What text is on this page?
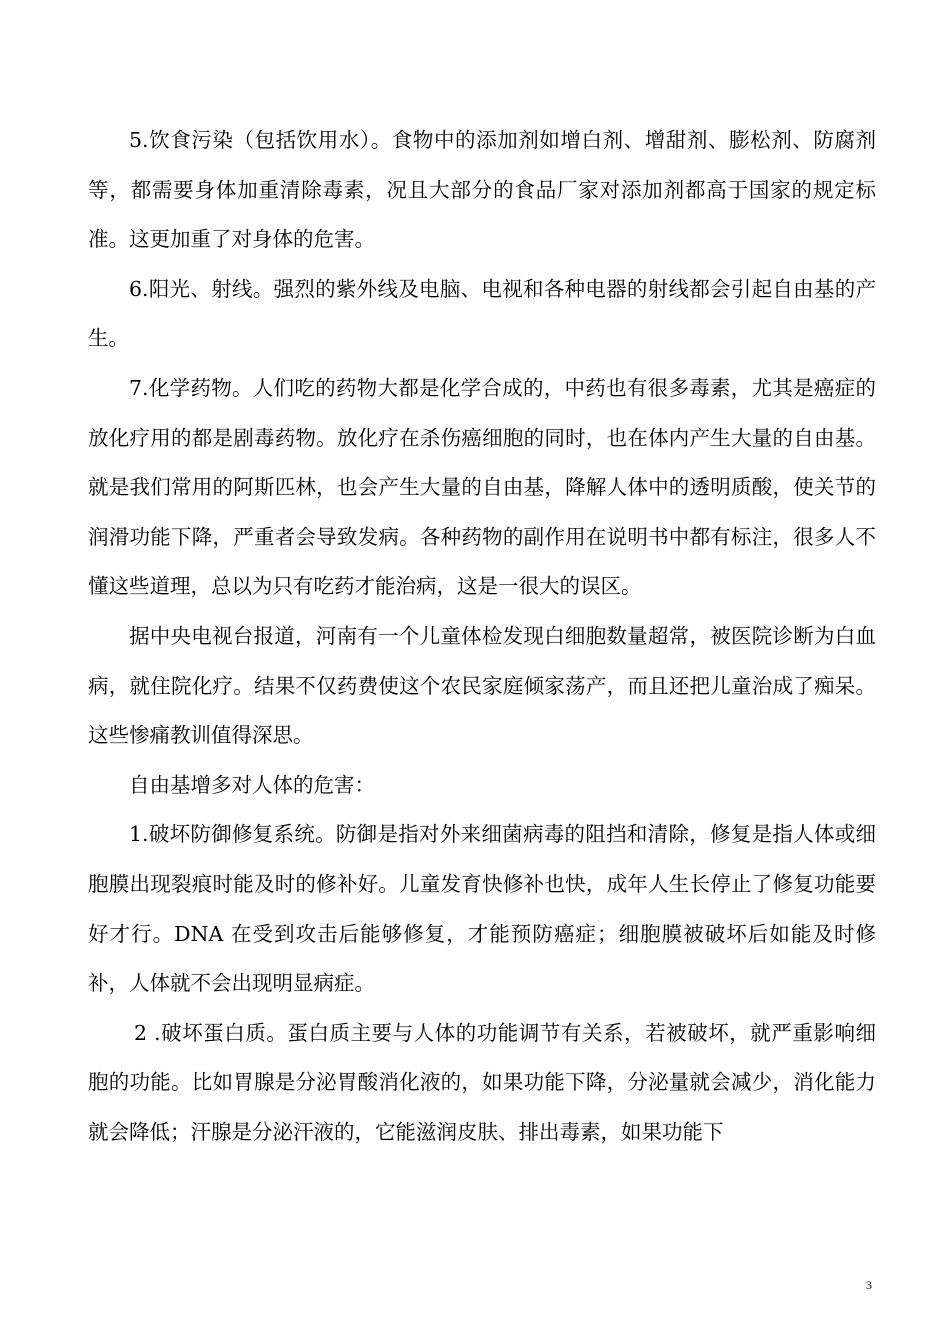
5.饮食污染（包括饮用水）。食物中的添加剂如增白剂、增甜剂、膨松剂、防腐剂等，都需要身体加重清除毒素，况且大部分的食品厂家对添加剂都高于国家的规定标准。这更加重了对身体的危害。

6.阳光、射线。强烈的紫外线及电脑、电视和各种电器的射线都会引起自由基的产生。

7.化学药物。人们吃的药物大都是化学合成的，中药也有很多毒素，尤其是癌症的放化疗用的都是剧毒药物。放化疗在杀伤癌细胞的同时，也在体内产生大量的自由基。就是我们常用的阿斯匹林，也会产生大量的自由基，降解人体中的透明质酸，使关节的润滑功能下降，严重者会导致发病。各种药物的副作用在说明书中都有标注，很多人不懂这些道理，总以为只有吃药才能治病，这是一很大的误区。

据中央电视台报道，河南有一个儿童体检发现白细胞数量超常，被医院诊断为白血病，就住院化疗。结果不仅药费使这个农民家庭倾家荡产，而且还把儿童治成了痴呆。这些惨痛教训值得深思。

自由基增多对人体的危害：

1.破坏防御修复系统。防御是指对外来细菌病毒的阻挡和清除，修复是指人体或细胞膜出现裂痕时能及时的修补好。儿童发育快修补也快，成年人生长停止了修复功能要好才行。DNA 在受到攻击后能够修复，才能预防癌症；细胞膜被破坏后如能及时修补，人体就不会出现明显病症。

2 .破坏蛋白质。蛋白质主要与人体的功能调节有关系，若被破坏，就严重影响细胞的功能。比如胃腺是分泌胃酸消化液的，如果功能下降，分泌量就会减少，消化能力就会降低；汗腺是分泌汗液的，它能滋润皮肤、排出毒素，如果功能下

3
